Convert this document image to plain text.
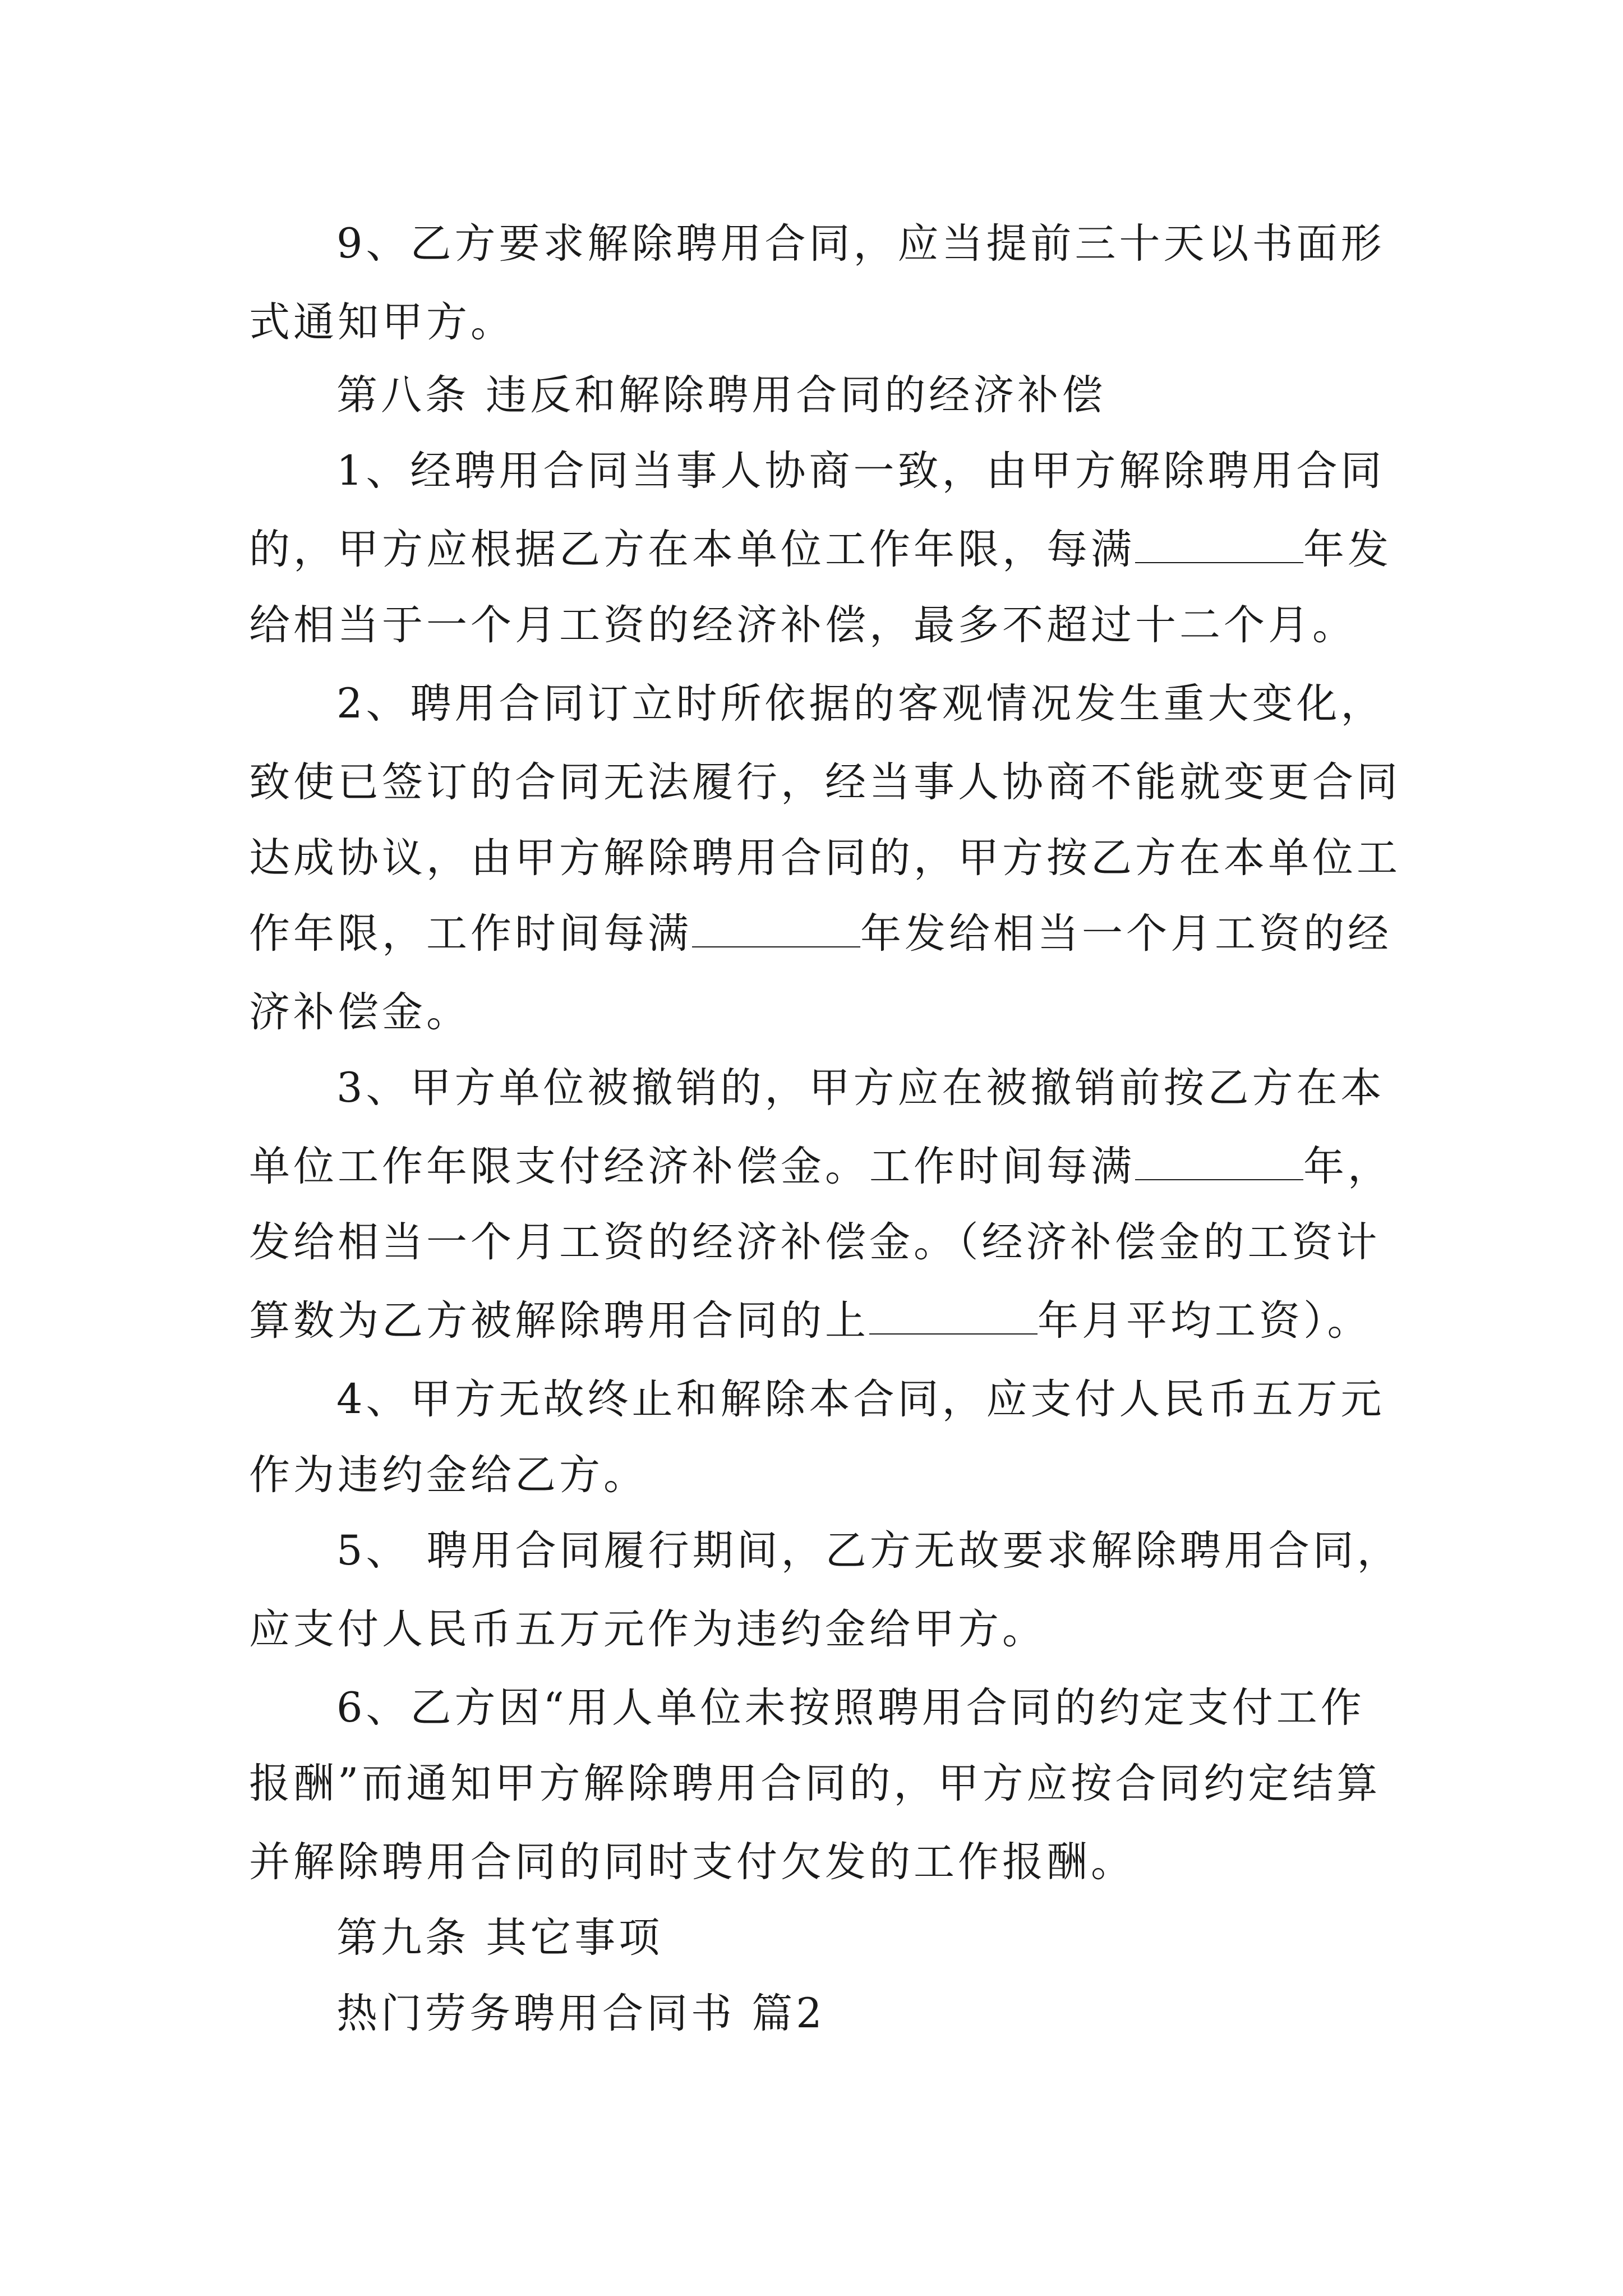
9、乙方要求解除聘用合同，应当提前三十天以书面形
式通知甲方。
第八条 违反和解除聘用合同的经济补偿
1、经聘用合同当事人协商一致，由甲方解除聘用合同
的，甲方应根据乙方在本单位工作年限，每满	年发
给相当于一个月工资的经济补偿，最多不超过十二个月。
2、聘用合同订立时所依据的客观情况发生重大变化，
致使已签订的合同无法履行，经当事人协商不能就变更合同
达成协议，由甲方解除聘用合同的，甲方按乙方在本单位工
作年限，工作时间每满	年发给相当一个月工资的经
济补偿金。
3、甲方单位被撤销的，甲方应在被撤销前按乙方在本
单位工作年限支付经济补偿金。工作时间每满	年，
发给相当一个月工资的经济补偿金。（经济补偿金的工资计
算数为乙方被解除聘用合同的上	年月平均工资）。
4、甲方无故终止和解除本合同，应支付人民币五万元
作为违约金给乙方。
5、 聘用合同履行期间，乙方无故要求解除聘用合同，
应支付人民币五万元作为违约金给甲方。
6、乙方因“用人单位未按照聘用合同的约定支付工作
报酬”而通知甲方解除聘用合同的，甲方应按合同约定结算
并解除聘用合同的同时支付欠发的工作报酬。
第九条 其它事项
热门劳务聘用合同书 篇2
